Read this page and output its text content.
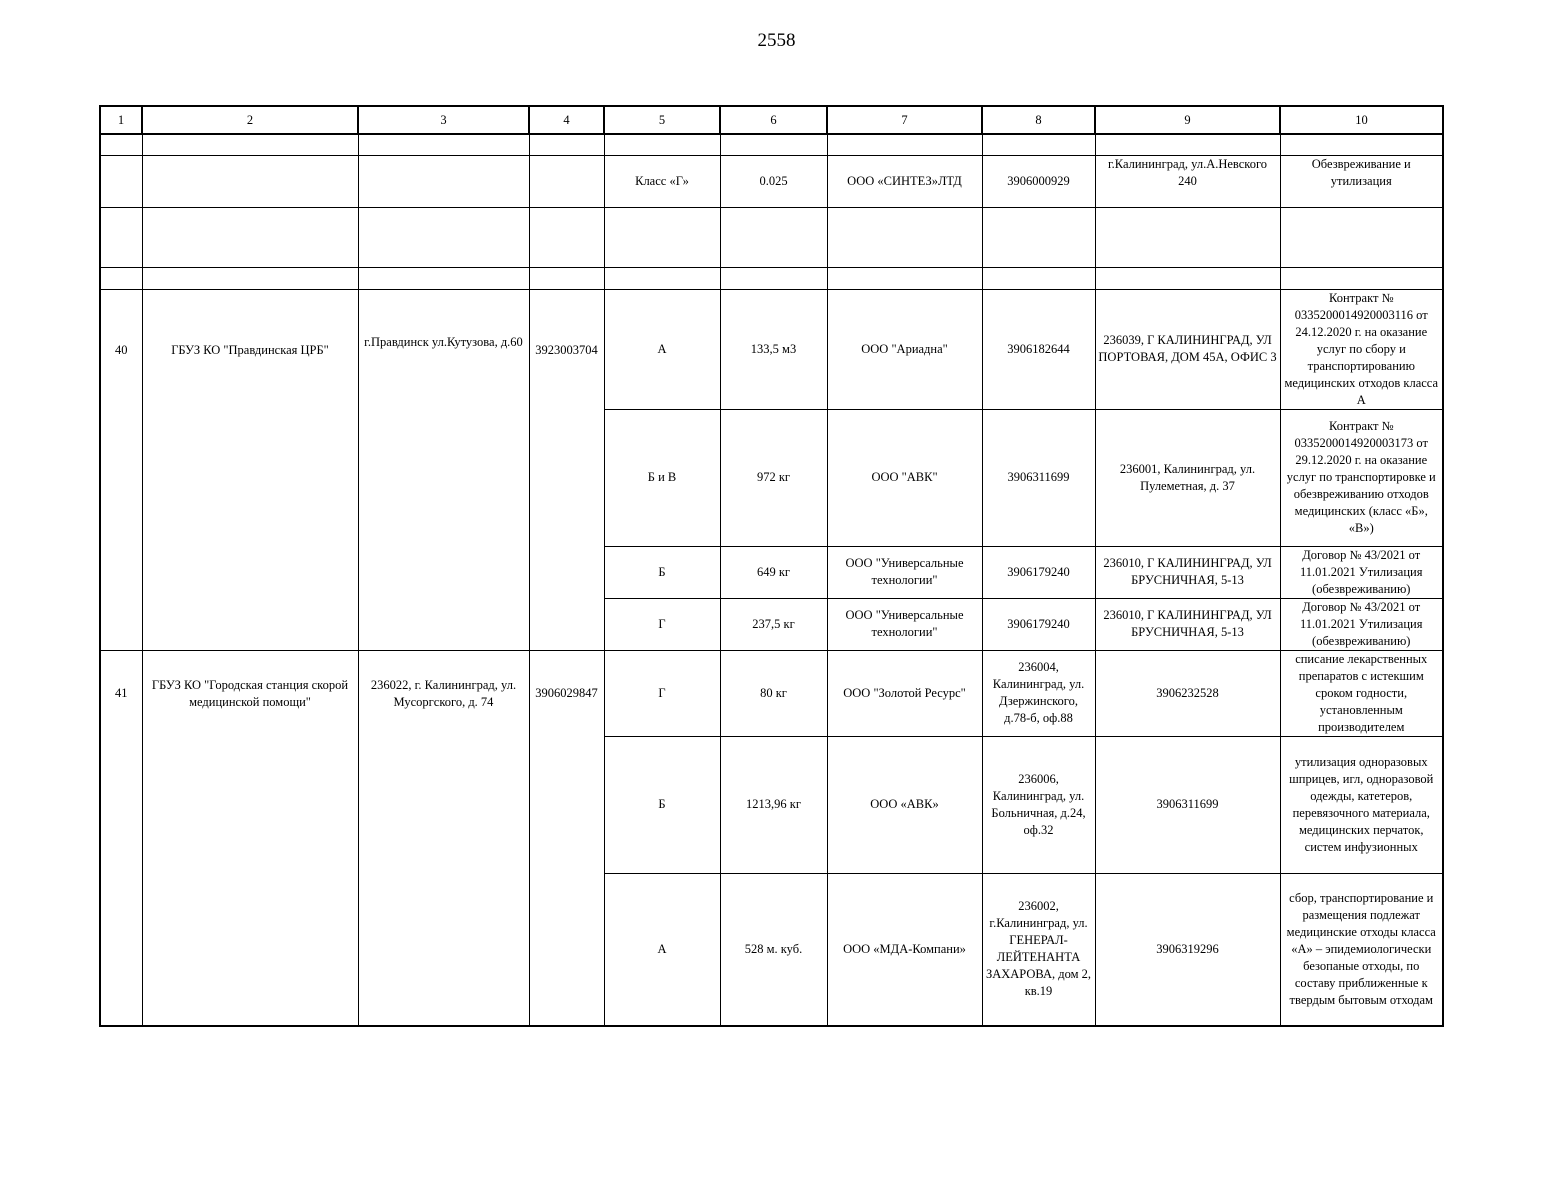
2558
1	2	3	4	5	6	7	8	9	10

				Класс «Г»	0.025	ООО «СИНТЕЗ»ЛТД	3906000929	г.Калининград, ул.А.Невского 240	Обезвреживание и утилизация

40	ГБУЗ КО "Правдинская ЦРБ"	г.Правдинск ул.Кутузова, д.60	3923003704	А	133,5 м3	ООО "Ариадна"	3906182644	236039, Г КАЛИНИНГРАД, УЛ ПОРТОВАЯ, ДОМ 45А, ОФИС 3	Контракт № 0335200014920003116 от 24.12.2020 г. на оказание услуг по сбору и транспортированию медицинских отходов класса А
				Б и В	972 кг	ООО "АВК"	3906311699	236001, Калининград, ул. Пулеметная, д. 37	Контракт № 0335200014920003173 от 29.12.2020 г. на оказание услуг по транспортировке и обезвреживанию отходов медицинских (класс «Б», «В»)
				Б	649 кг	ООО "Универсальные технологии"	3906179240	236010, Г КАЛИНИНГРАД, УЛ БРУСНИЧНАЯ, 5-13	Договор № 43/2021 от 11.01.2021 Утилизация (обезвреживанию)
				Г	237,5 кг	ООО "Универсальные технологии"	3906179240	236010, Г КАЛИНИНГРАД, УЛ БРУСНИЧНАЯ, 5-13	Договор № 43/2021 от 11.01.2021 Утилизация (обезвреживанию)
41	ГБУЗ КО "Городская станция скорой медицинской помощи"	236022, г. Калининград, ул. Мусоргского, д. 74	3906029847	Г	80 кг	ООО "Золотой Ресурс"	236004, Калининград, ул. Дзержинского, д.78-б, оф.88	3906232528	списание лекарственных препаратов с истекшим сроком годности, установленным производителем
				Б	1213,96 кг	ООО «АВК»	236006, Калининград, ул. Больничная, д.24, оф.32	3906311699	утилизация одноразовых шприцев, игл, одноразовой одежды, катетеров, перевязочного материала, медицинских перчаток, систем инфузионных
				А	528 м. куб.	ООО «МДА-Компани»	236002, г.Калининград, ул. ГЕНЕРАЛ-ЛЕЙТЕНАНТА ЗАХАРОВА, дом 2, кв.19	3906319296	сбор, транспортирование и размещения подлежат медицинские отходы класса «А» – эпидемиологически безопаные отходы, по составу приближенные к твердым бытовым отходам
